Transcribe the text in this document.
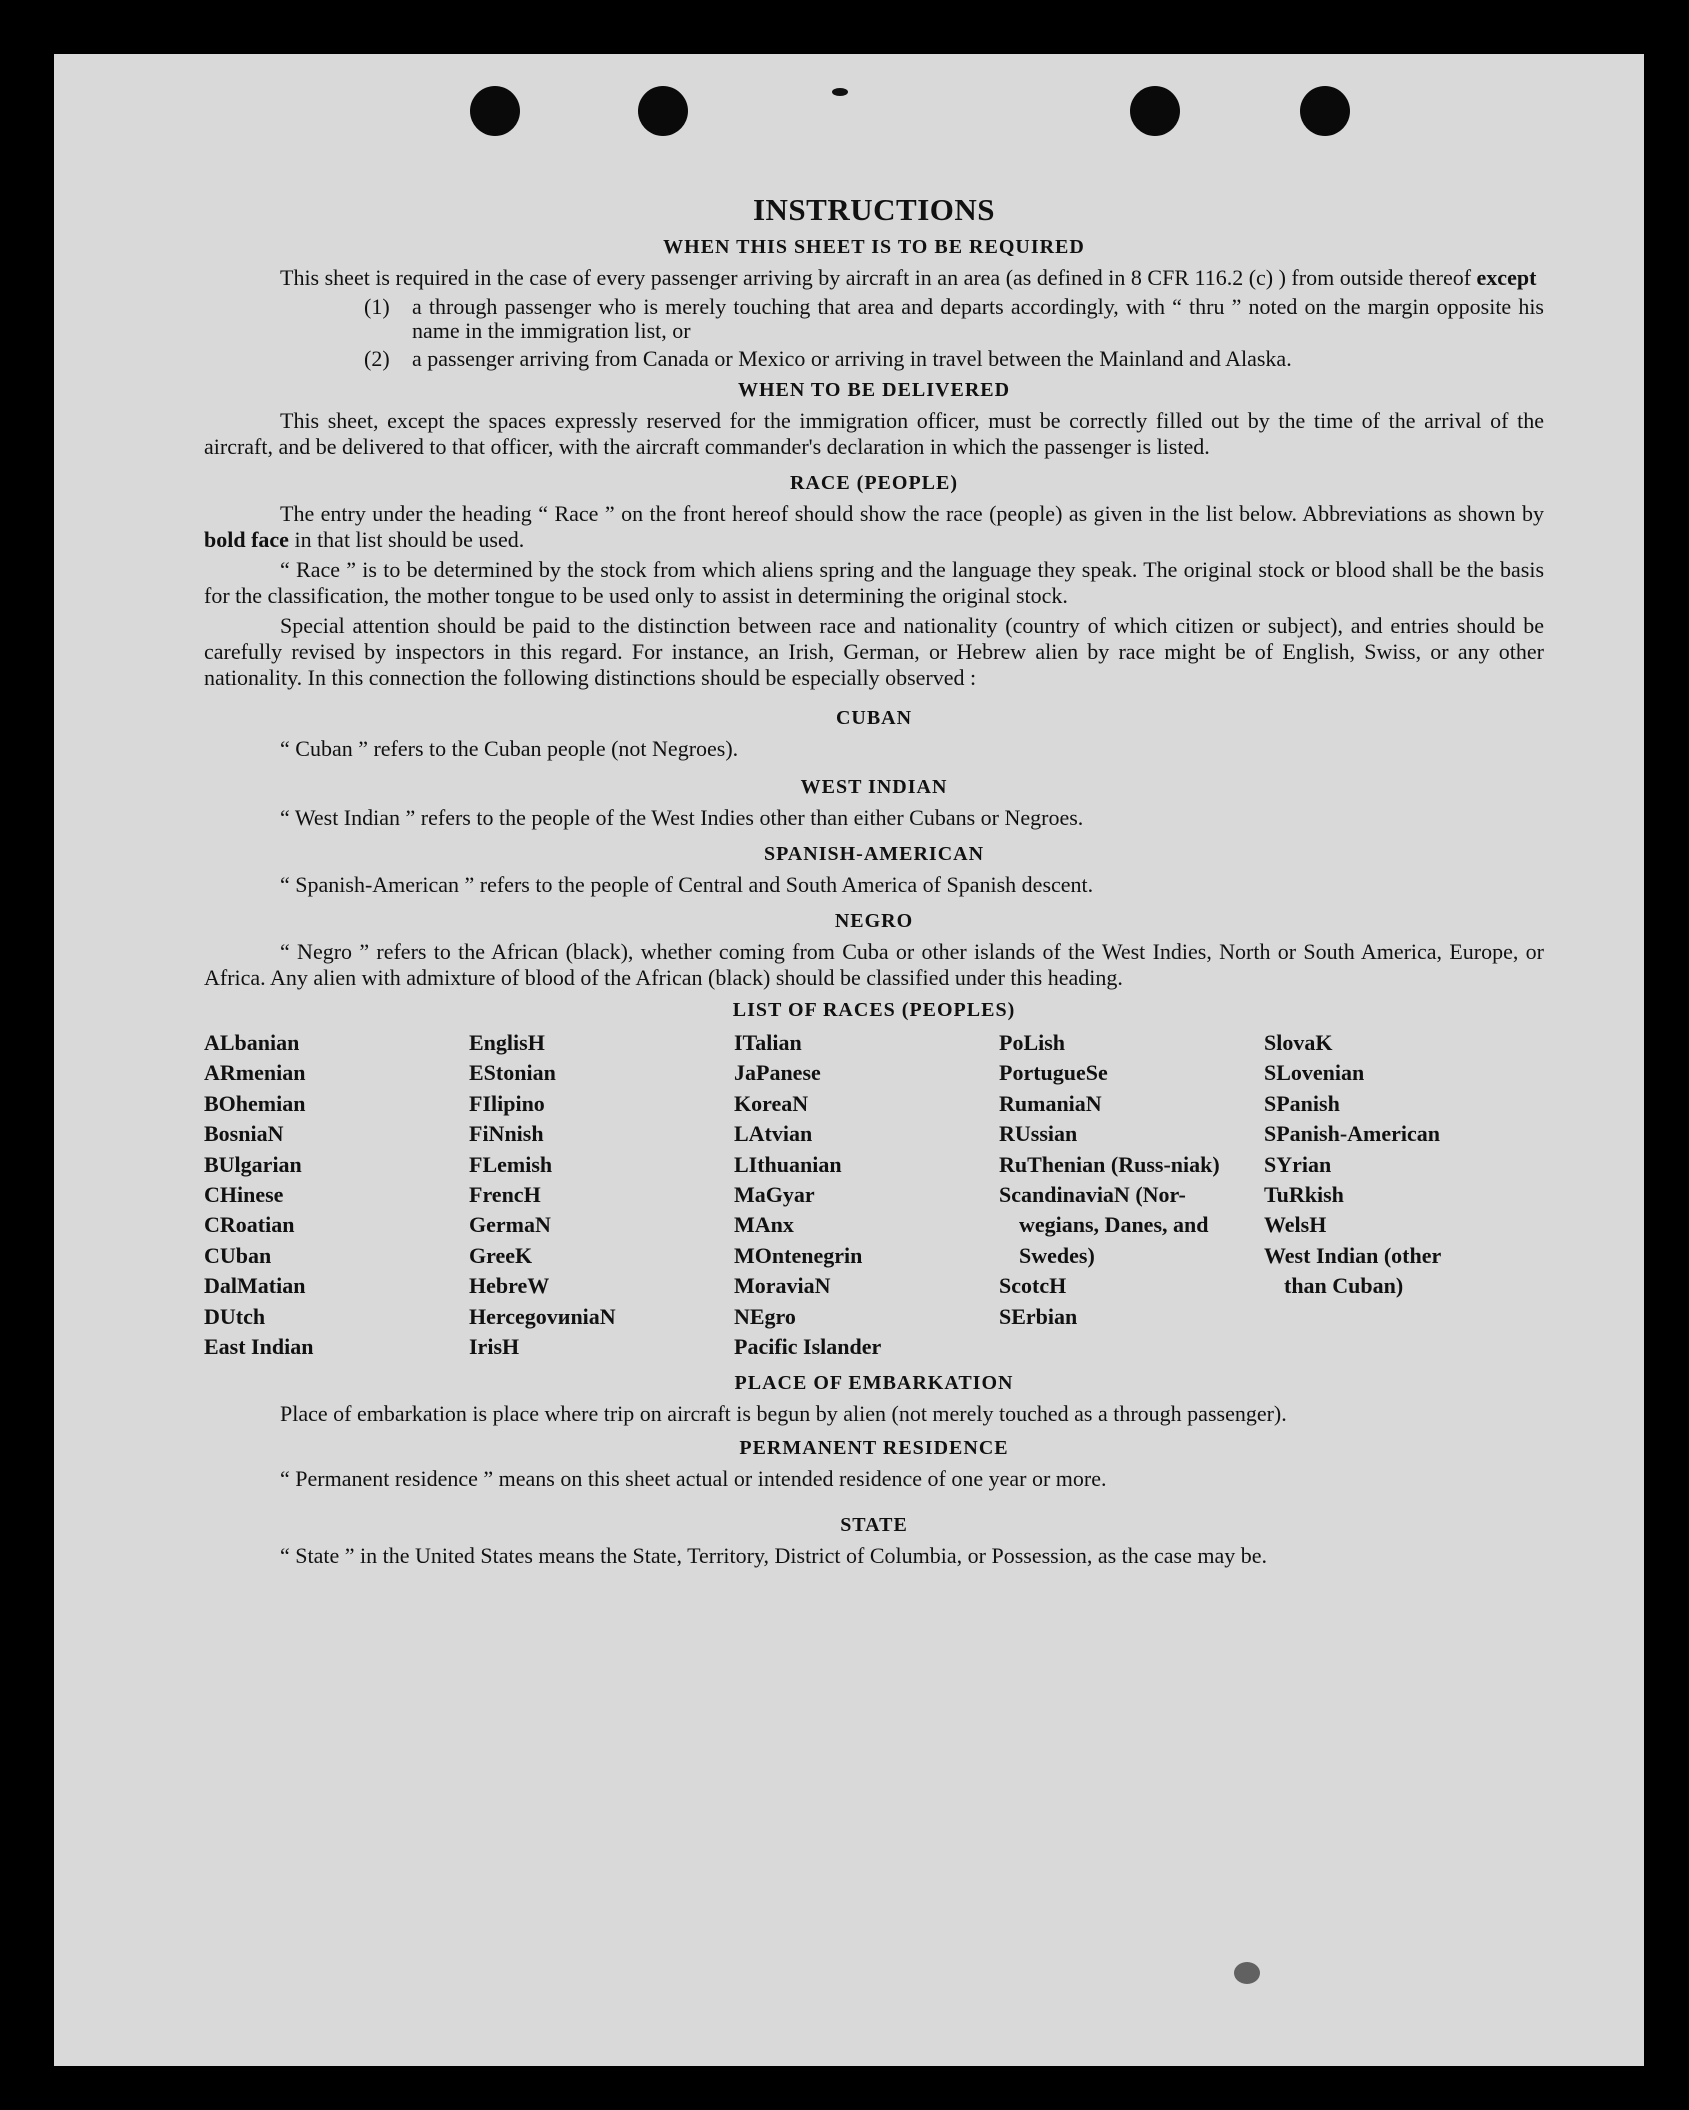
INSTRUCTIONS
WHEN THIS SHEET IS TO BE REQUIRED

This sheet is required in the case of every passenger arriving by aircraft in an area (as defined in 8 CFR 116.2 (c) ) from outside thereof except

(1)	a through passenger who is merely touching that area and departs accordingly, with “ thru ” noted on the margin opposite his name in the immigration list, or
(2)	a passenger arriving from Canada or Mexico or arriving in travel between the Mainland and Alaska.
WHEN TO BE DELIVERED

This sheet, except the spaces expressly reserved for the immigration officer, must be correctly filled out by the time of the arrival of the aircraft, and be delivered to that officer, with the aircraft commander's declaration in which the passenger is listed.

RACE (PEOPLE)

The entry under the heading “ Race ” on the front hereof should show the race (people) as given in the list below. Abbreviations as shown by bold face in that list should be used.

“ Race ” is to be determined by the stock from which aliens spring and the language they speak. The original stock or blood shall be the basis for the classification, the mother tongue to be used only to assist in determining the original stock.

Special attention should be paid to the distinction between race and nationality (country of which citizen or subject), and entries should be carefully revised by inspectors in this regard. For instance, an Irish, German, or Hebrew alien by race might be of English, Swiss, or any other nationality. In this connection the following distinctions should be especially observed :

CUBAN

“ Cuban ” refers to the Cuban people (not Negroes).

WEST INDIAN

“ West Indian ” refers to the people of the West Indies other than either Cubans or Negroes.

SPANISH-AMERICAN

“ Spanish-American ” refers to the people of Central and South America of Spanish descent.

NEGRO

“ Negro ” refers to the African (black), whether coming from Cuba or other islands of the West Indies, North or South America, Europe, or Africa. Any alien with admixture of blood of the African (black) should be classified under this heading.

LIST OF RACES (PEOPLES)
ALbanian
ARmenian
BOhemian
BosniaN
BUlgarian
CHinese
CRoatian
CUban
DalMatian
DUtch
East Indian
EnglisH
EStonian
FIlipino
FiNnish
FLemish
FrencH
GermaN
GreeK
HebreW
HercegovиniaN
IrisH
ITalian
JaPanese
KoreaN
LAtvian
LIthuanian
MaGyar
MAnx
MOntenegrin
MoraviaN
NEgro
Pacific Islander
PoLish
PortugueSe
RumaniaN
RUssian
RuThenian (Russ-niak)
ScandinaviaN (Nor-wegians, Danes, and Swedes)
ScotcH
SErbian
SlovaK
SLovenian
SPanish
SPanish-American
SYrian
TuRkish
WelsH
West Indian (other than Cuban)
PLACE OF EMBARKATION

Place of embarkation is place where trip on aircraft is begun by alien (not merely touched as a through passenger).

PERMANENT RESIDENCE

“ Permanent residence ” means on this sheet actual or intended residence of one year or more.

STATE

“ State ” in the United States means the State, Territory, District of Columbia, or Possession, as the case may be.
